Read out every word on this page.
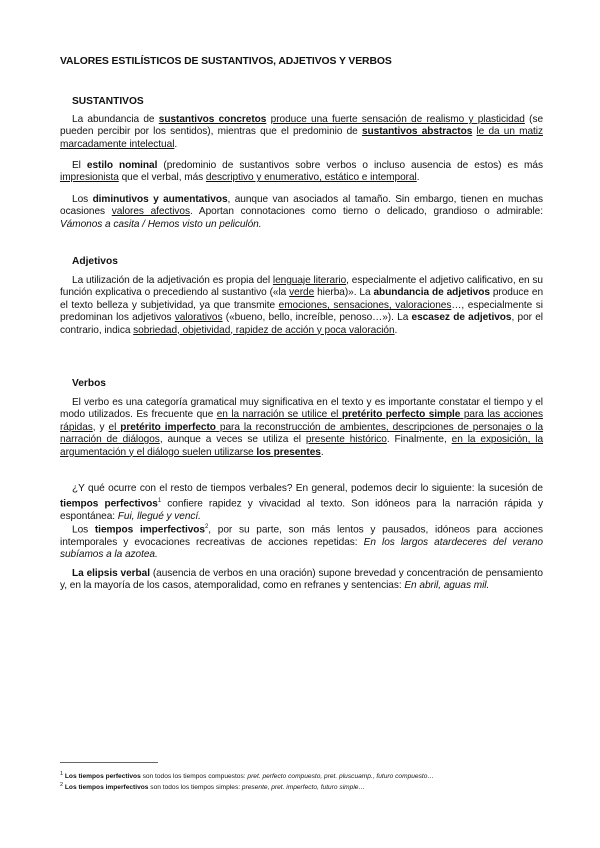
VALORES ESTILÍSTICOS DE SUSTANTIVOS, ADJETIVOS Y VERBOS
SUSTANTIVOS

La abundancia de sustantivos concretos produce una fuerte sensación de realismo y plasticidad (se pueden percibir por los sentidos), mientras que el predominio de sustantivos abstractos le da un matiz marcadamente intelectual.

El estilo nominal (predominio de sustantivos sobre verbos o incluso ausencia de estos) es más impresionista que el verbal, más descriptivo y enumerativo, estático e intemporal.

Los diminutivos y aumentativos, aunque van asociados al tamaño. Sin embargo, tienen en muchas ocasiones valores afectivos. Aportan connotaciones como tierno o delicado, grandioso o admirable: Vámonos a casita / Hemos visto un peliculón.

Adjetivos

La utilización de la adjetivación es propia del lenguaje literario, especialmente el adjetivo calificativo, en su función explicativa o precediendo al sustantivo («la verde hierba)». La abundancia de adjetivos produce en el texto belleza y subjetividad, ya que transmite emociones, sensaciones, valoraciones…, especialmente si predominan los adjetivos valorativos («bueno, bello, increíble, penoso…»). La escasez de adjetivos, por el contrario, indica sobriedad, objetividad, rapidez de acción y poca valoración.

Verbos

El verbo es una categoría gramatical muy significativa en el texto y es importante constatar el tiempo y el modo utilizados. Es frecuente que en la narración se utilice el pretérito perfecto simple para las acciones rápidas, y el pretérito imperfecto para la reconstrucción de ambientes, descripciones de personajes o la narración de diálogos, aunque a veces se utiliza el presente histórico. Finalmente, en la exposición, la argumentación y el diálogo suelen utilizarse los presentes.

¿Y qué ocurre con el resto de tiempos verbales? En general, podemos decir lo siguiente: la sucesión de tiempos perfectivos$^1$ confiere rapidez y vivacidad al texto. Son idóneos para la narración rápida y espontánea: Fui, llegué y vencí.

Los tiempos imperfectivos$^2$, por su parte, son más lentos y pausados, idóneos para acciones intemporales y evocaciones recreativas de acciones repetidas: En los largos atardeceres del verano subíamos a la azotea.

La elipsis verbal (ausencia de verbos en una oración) supone brevedad y concentración de pensamiento y, en la mayoría de los casos, atemporalidad, como en refranes y sentencias: En abril, aguas mil.

$^1$ Los tiempos perfectivos son todos los tiempos compuestos: pret. perfecto compuesto, pret. pluscuamp., futuro compuesto…
$^2$ Los tiempos imperfectivos son todos los tiempos simples: presente, pret. imperfecto, futuro simple…
